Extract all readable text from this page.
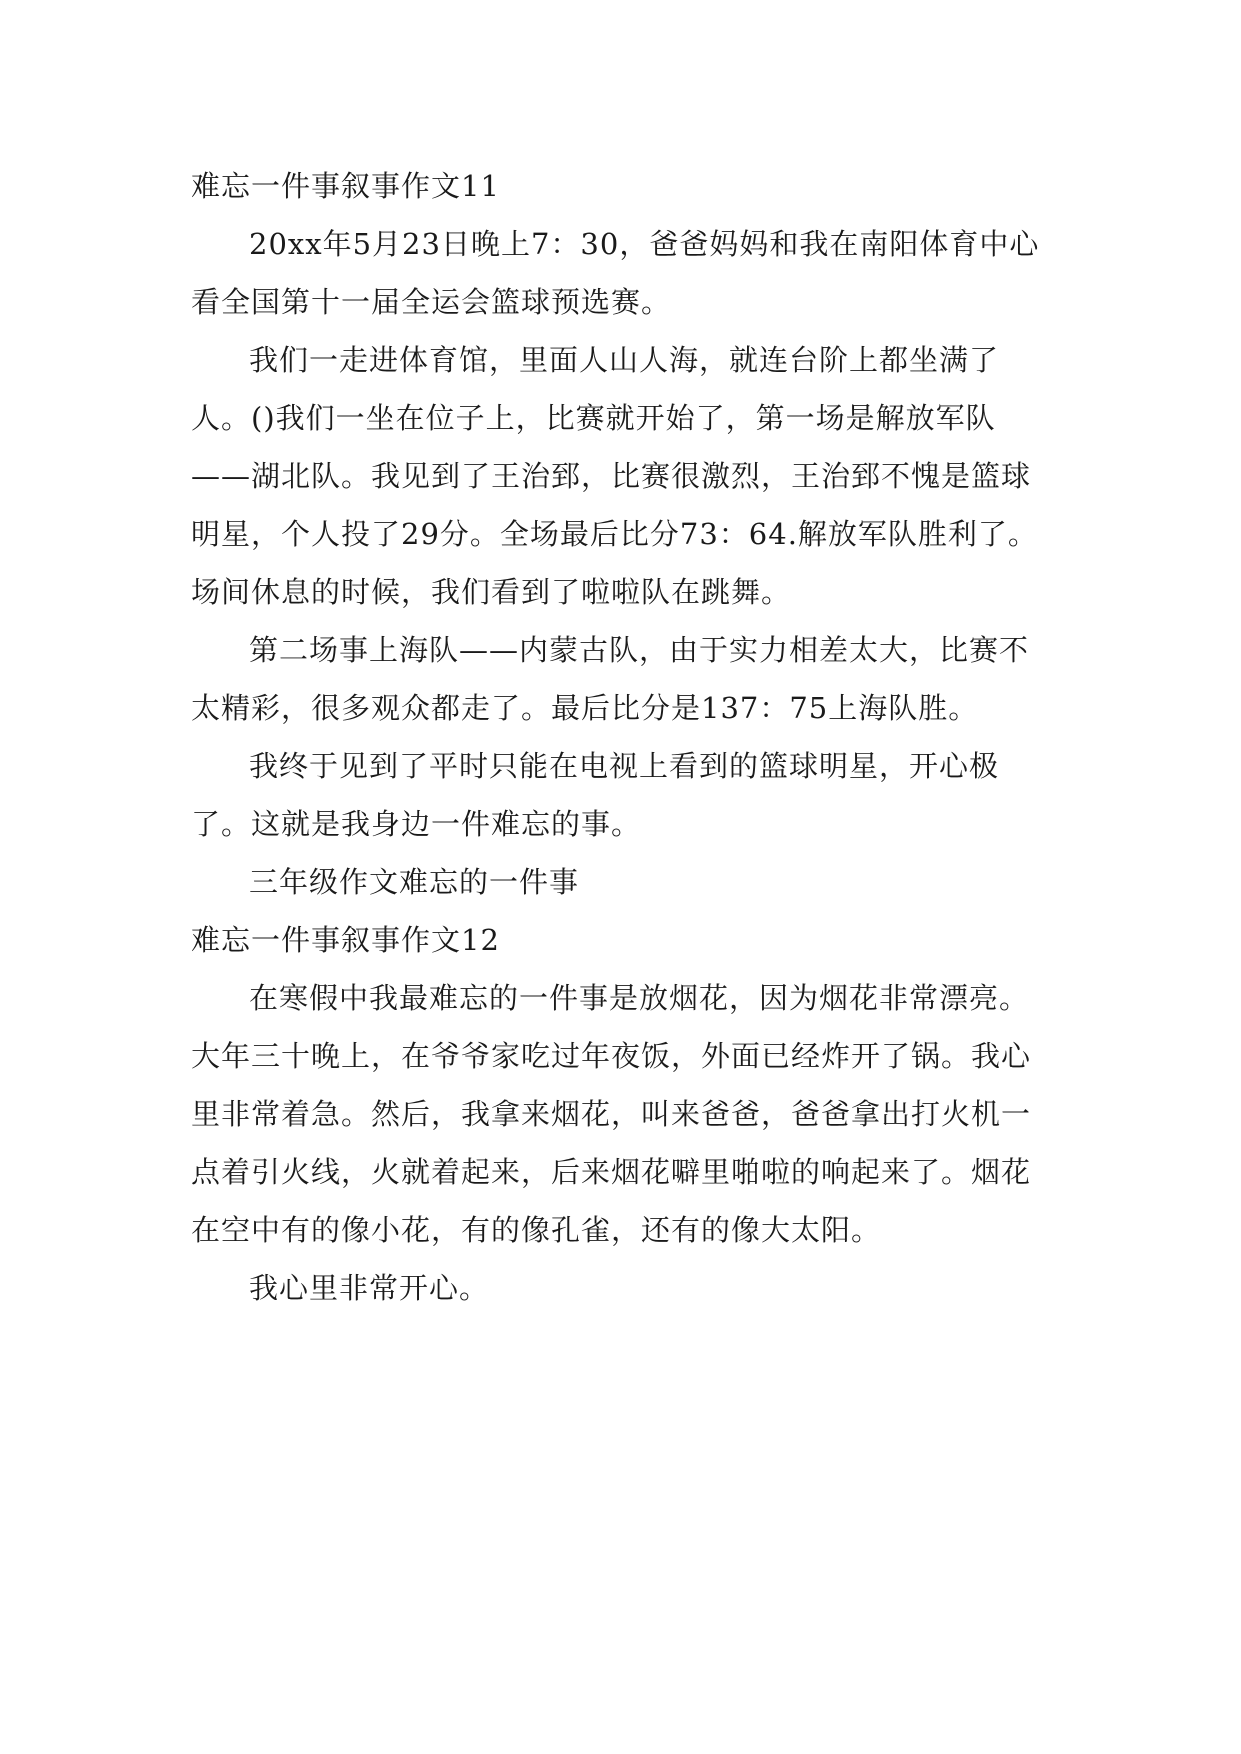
难忘一件事叙事作文11

20xx年5月23日晚上7：30，爸爸妈妈和我在南阳体育中心看全国第十一届全运会篮球预选赛。

我们一走进体育馆，里面人山人海，就连台阶上都坐满了人。()我们一坐在位子上，比赛就开始了，第一场是解放军队——湖北队。我见到了王治郅，比赛很激烈，王治郅不愧是篮球明星，个人投了29分。全场最后比分73：64.解放军队胜利了。场间休息的时候，我们看到了啦啦队在跳舞。

第二场事上海队——内蒙古队，由于实力相差太大，比赛不太精彩，很多观众都走了。最后比分是137：75上海队胜。

我终于见到了平时只能在电视上看到的篮球明星，开心极了。这就是我身边一件难忘的事。

三年级作文难忘的一件事

难忘一件事叙事作文12

在寒假中我最难忘的一件事是放烟花，因为烟花非常漂亮。大年三十晚上，在爷爷家吃过年夜饭，外面已经炸开了锅。我心里非常着急。然后，我拿来烟花，叫来爸爸，爸爸拿出打火机一点着引火线，火就着起来，后来烟花噼里啪啦的响起来了。烟花在空中有的像小花，有的像孔雀，还有的像大太阳。

我心里非常开心。
